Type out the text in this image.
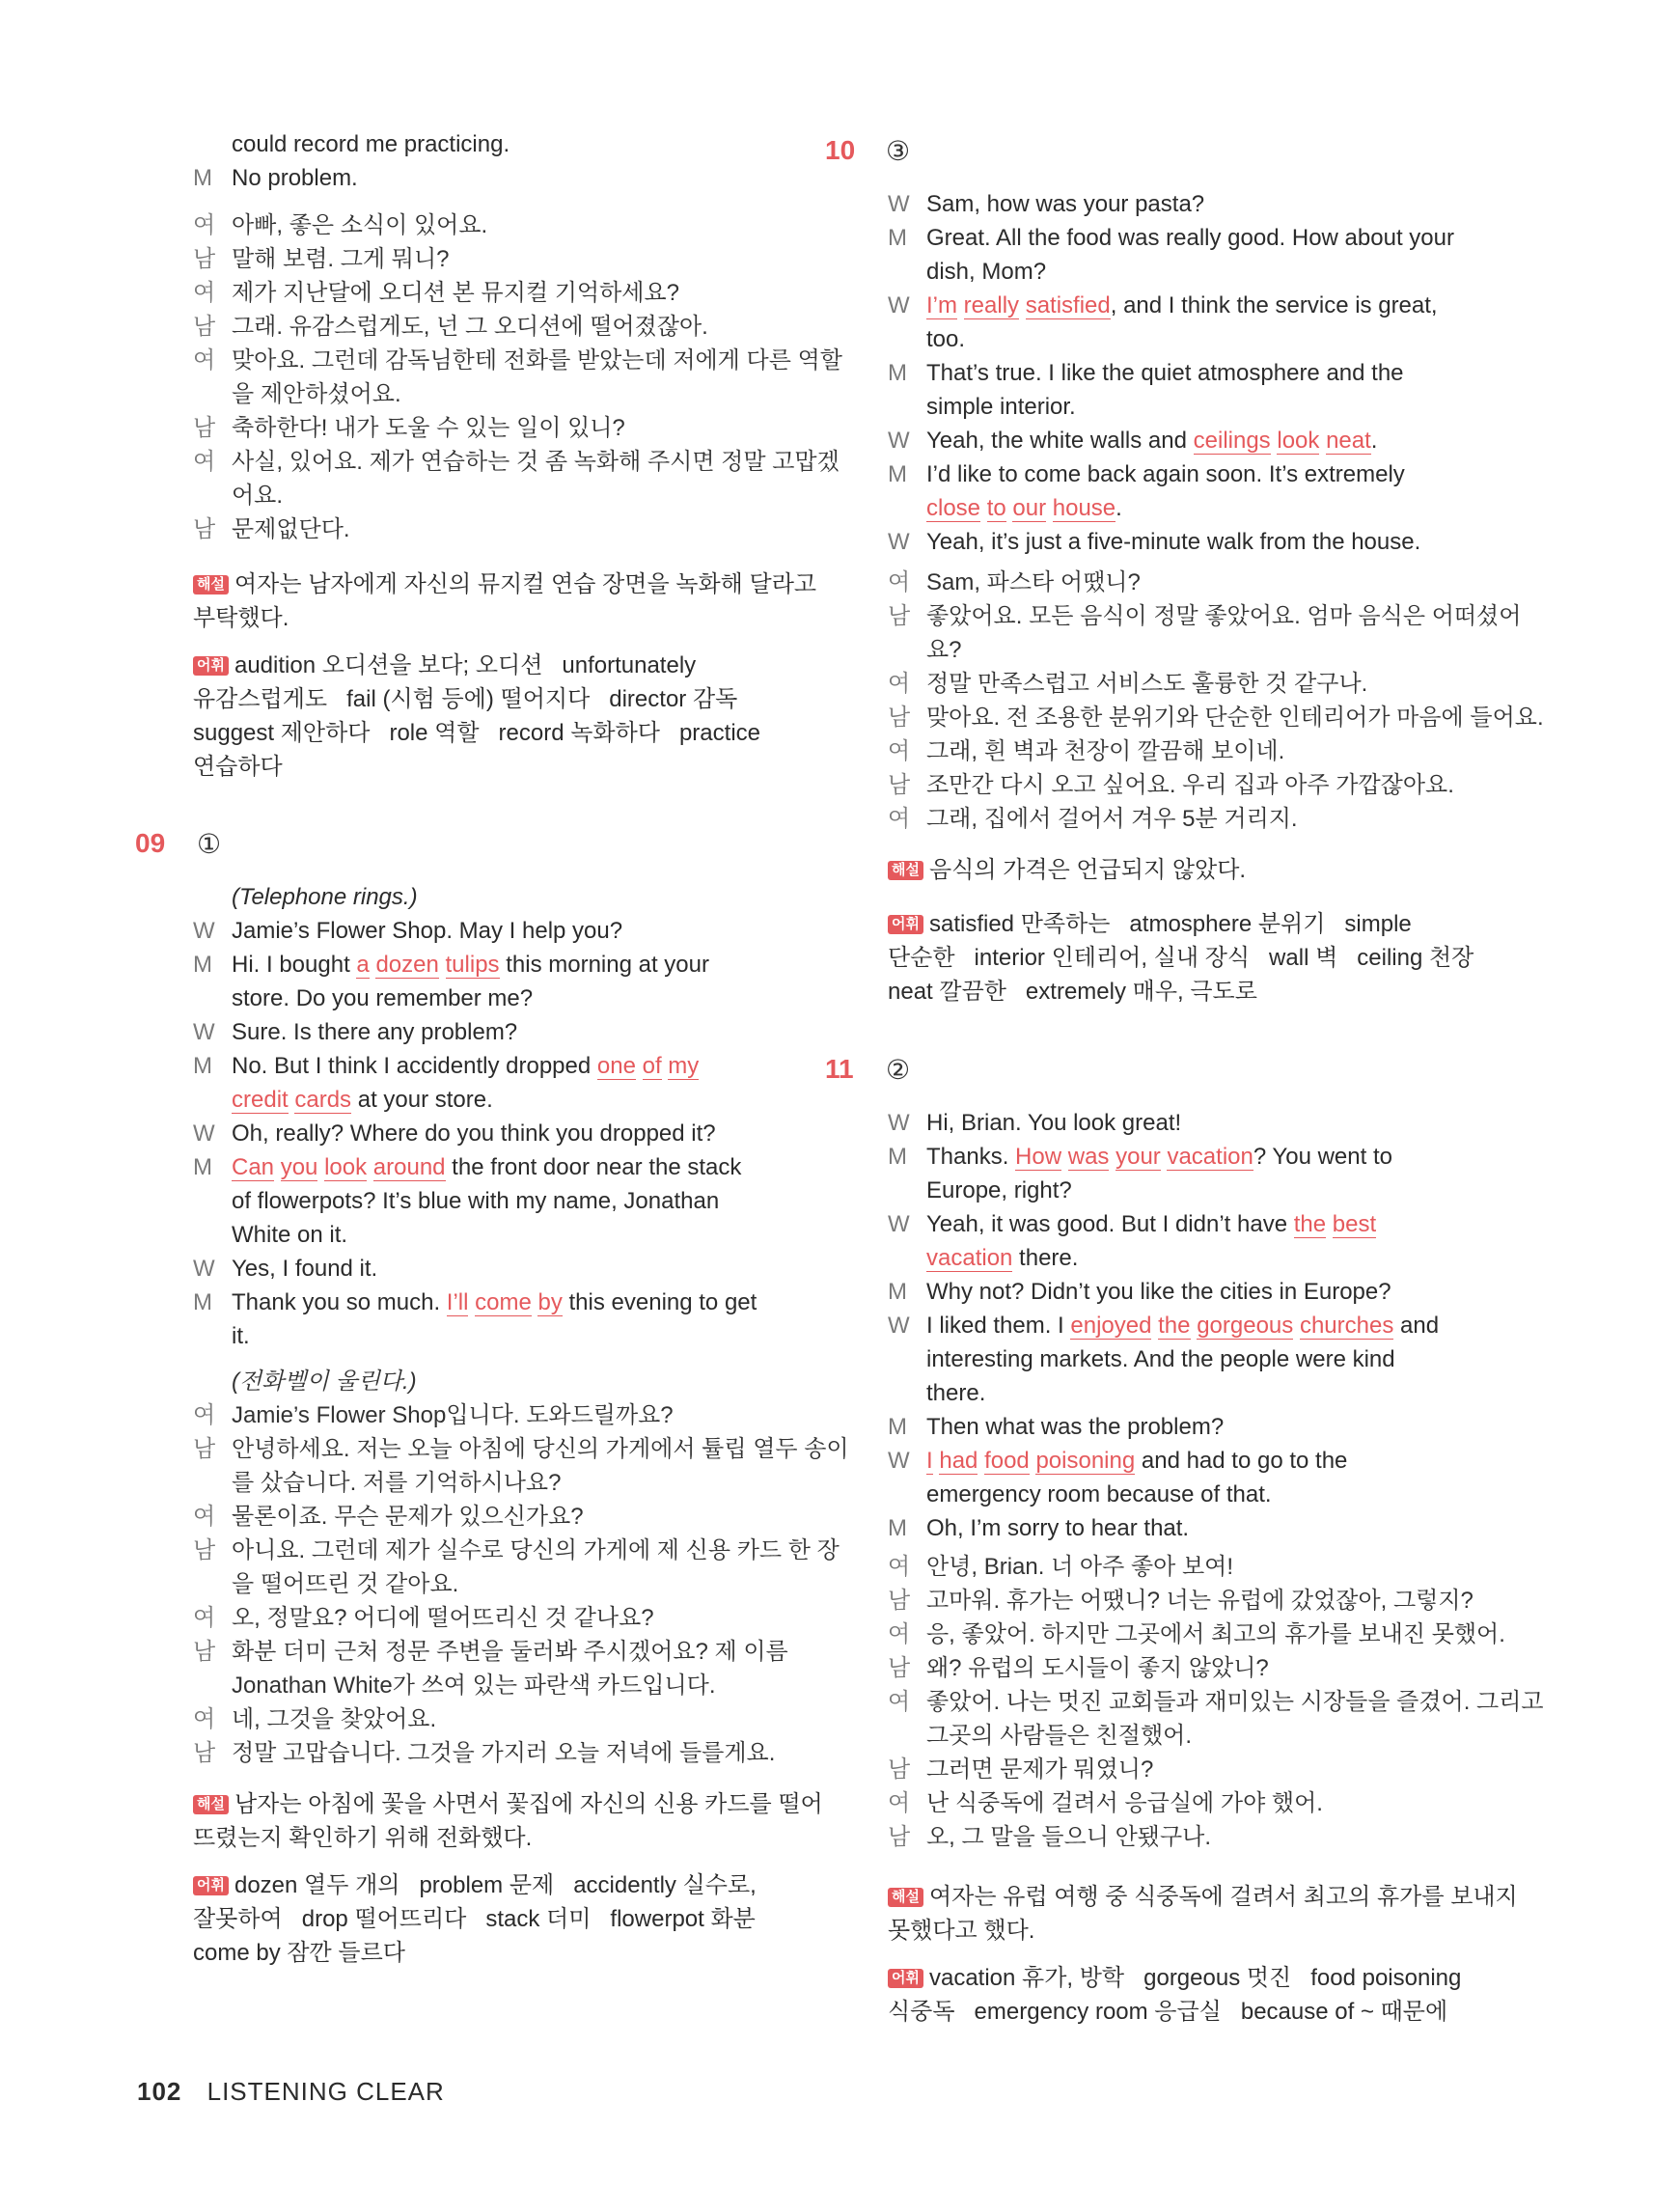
could record me practicing.
M No problem.
여 아빠, 좋은 소식이 있어요.
남 말해 보렴. 그게 뭐니?
여 제가 지난달에 오디션 본 뮤지컬 기억하세요?
남 그래. 유감스럽게도, 넌 그 오디션에 떨어졌잖아.
여 맞아요. 그런데 감독님한테 전화를 받았는데 저에게 다른 역할
을 제안하셨어요.
남 축하한다! 내가 도울 수 있는 일이 있니?
여 사실, 있어요. 제가 연습하는 것 좀 녹화해 주시면 정말 고맙겠
어요.
남 문제없단다.
해설 여자는 남자에게 자신의 뮤지컬 연습 장면을 녹화해 달라고
부탁했다.
어휘 audition 오디션을 보다; 오디션   unfortunately
유감스럽게도   fail (시험 등에) 떨어지다   director 감독
suggest 제안하다   role 역할   record 녹화하다   practice
연습하다
09 ①
(Telephone rings.)
W Jamie’s Flower Shop. May I help you?
M Hi. I bought a dozen tulips this morning at your
store. Do you remember me?
W Sure. Is there any problem?
M No. But I think I accidently dropped one of my
credit cards at your store.
W Oh, really? Where do you think you dropped it?
M Can you look around the front door near the stack
of flowerpots? It’s blue with my name, Jonathan
White on it.
W Yes, I found it.
M Thank you so much. I’ll come by this evening to get
it.
(전화벨이 울린다.)
여 Jamie’s Flower Shop입니다. 도와드릴까요?
남 안녕하세요. 저는 오늘 아침에 당신의 가게에서 튤립 열두 송이
를 샀습니다. 저를 기억하시나요?
여 물론이죠. 무슨 문제가 있으신가요?
남 아니요. 그런데 제가 실수로 당신의 가게에 제 신용 카드 한 장
을 떨어뜨린 것 같아요.
여 오, 정말요? 어디에 떨어뜨리신 것 같나요?
남 화분 더미 근처 정문 주변을 둘러봐 주시겠어요? 제 이름
Jonathan White가 쓰여 있는 파란색 카드입니다.
여 네, 그것을 찾았어요.
남 정말 고맙습니다. 그것을 가지러 오늘 저녁에 들를게요.
해설 남자는 아침에 꽃을 사면서 꽃집에 자신의 신용 카드를 떨어
뜨렸는지 확인하기 위해 전화했다.
어휘 dozen 열두 개의   problem 문제   accidently 실수로,
잘못하여   drop 떨어뜨리다   stack 더미   flowerpot 화분
come by 잠깐 들르다
10 ③
W Sam, how was your pasta?
M Great. All the food was really good. How about your
dish, Mom?
W I’m really satisfied, and I think the service is great,
too.
M That’s true. I like the quiet atmosphere and the
simple interior.
W Yeah, the white walls and ceilings look neat.
M I’d like to come back again soon. It’s extremely
close to our house.
W Yeah, it’s just a five-minute walk from the house.
여 Sam, 파스타 어땠니?
남 좋았어요. 모든 음식이 정말 좋았어요. 엄마 음식은 어떠셨어
요?
여 정말 만족스럽고 서비스도 훌륭한 것 같구나.
남 맞아요. 전 조용한 분위기와 단순한 인테리어가 마음에 들어요.
여 그래, 흰 벽과 천장이 깔끔해 보이네.
남 조만간 다시 오고 싶어요. 우리 집과 아주 가깝잖아요.
여 그래, 집에서 걸어서 겨우 5분 거리지.
해설 음식의 가격은 언급되지 않았다.
어휘 satisfied 만족하는   atmosphere 분위기   simple
단순한   interior 인테리어, 실내 장식   wall 벽   ceiling 천장
neat 깔끔한   extremely 매우, 극도로
11 ②
W Hi, Brian. You look great!
M Thanks. How was your vacation? You went to
Europe, right?
W Yeah, it was good. But I didn’t have the best
vacation there.
M Why not? Didn’t you like the cities in Europe?
W I liked them. I enjoyed the gorgeous churches and
interesting markets. And the people were kind
there.
M Then what was the problem?
W I had food poisoning and had to go to the
emergency room because of that.
M Oh, I’m sorry to hear that.
여 안녕, Brian. 너 아주 좋아 보여!
남 고마워. 휴가는 어땠니? 너는 유럽에 갔었잖아, 그렇지?
여 응, 좋았어. 하지만 그곳에서 최고의 휴가를 보내진 못했어.
남 왜? 유럽의 도시들이 좋지 않았니?
여 좋았어. 나는 멋진 교회들과 재미있는 시장들을 즐겼어. 그리고
그곳의 사람들은 친절했어.
남 그러면 문제가 뭐였니?
여 난 식중독에 걸려서 응급실에 가야 했어.
남 오, 그 말을 들으니 안됐구나.
해설 여자는 유럽 여행 중 식중독에 걸려서 최고의 휴가를 보내지
못했다고 했다.
어휘 vacation 휴가, 방학   gorgeous 멋진   food poisoning
식중독   emergency room 응급실   because of ~ 때문에
102 LISTENING CLEAR
